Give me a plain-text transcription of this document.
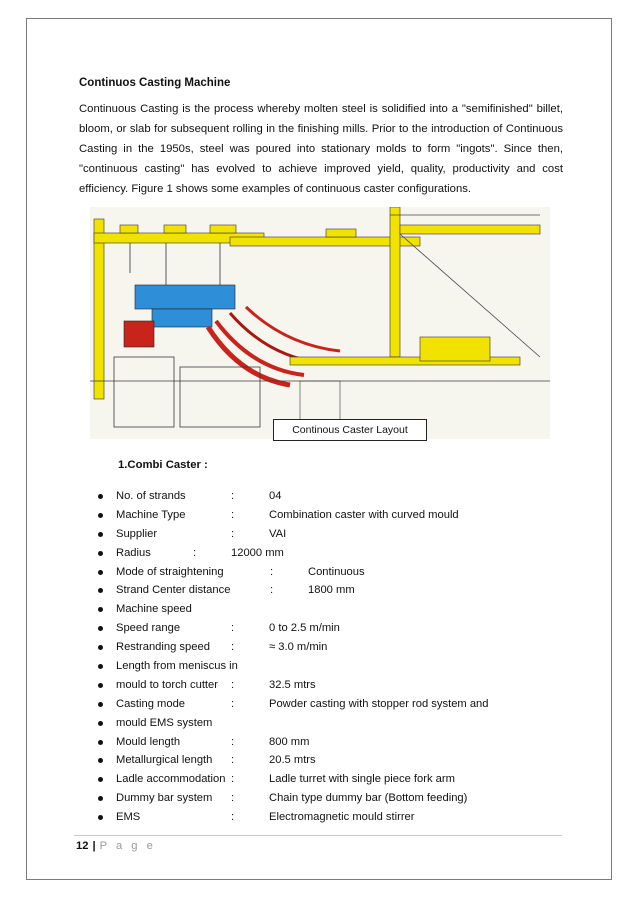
Continuos Casting Machine
Continuous Casting is the process whereby molten steel is solidified into a "semifinished" billet, bloom, or slab for subsequent rolling in the finishing mills. Prior to the introduction of Continuous Casting in the 1950s, steel was poured into stationary molds to form "ingots". Since then, "continuous casting" has evolved to achieve improved yield, quality, productivity and cost efficiency. Figure 1 shows some examples of continuous caster configurations.
Continous Caster Layout
1.Combi Caster :
No. of strands	:	04
Machine Type	:	Combination caster with curved mould
Supplier	:	VAI
Radius	:	12000 mm
Mode of straightening	:	Continuous
Strand Center distance	:	1800 mm
Machine speed
Speed range	:	0 to 2.5 m/min
Restranding speed :	≈ 3.0 m/min
Length from meniscus in
mould to torch cutter :	32.5 mtrs
Casting mode	:	Powder casting with stopper rod system and
mould EMS system
Mould length	:	800 mm
Metallurgical length :	20.5 mtrs
Ladle accommodation :	Ladle turret with single piece fork arm
Dummy bar system :	Chain type dummy bar (Bottom feeding)
EMS	:	Electromagnetic mould stirrer
12 | P a g e
